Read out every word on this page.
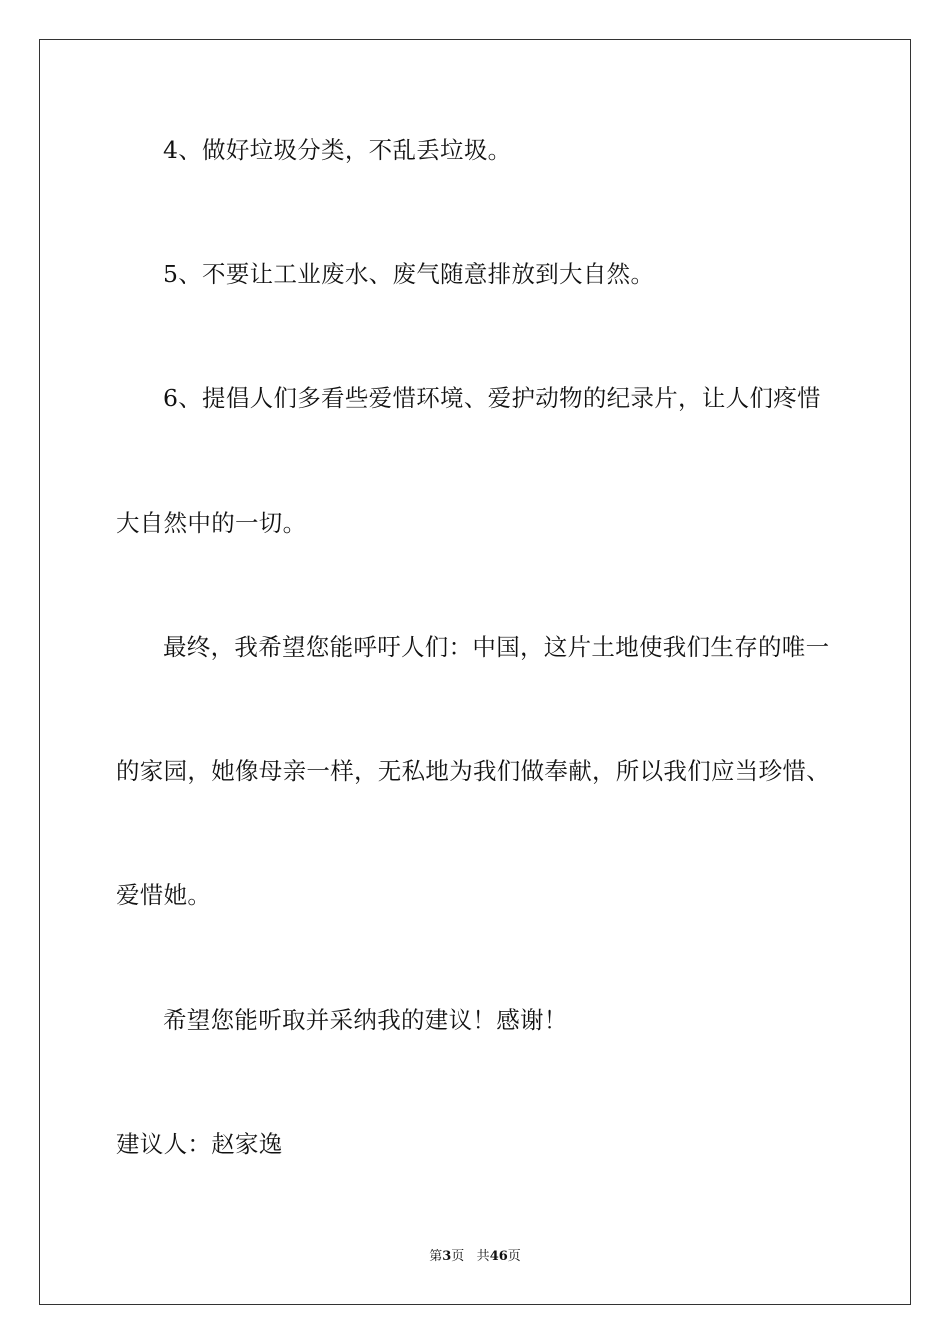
4、做好垃圾分类，不乱丢垃圾。
5、不要让工业废水、废气随意排放到大自然。
6、提倡人们多看些爱惜环境、爱护动物的纪录片，让人们疼惜
大自然中的一切。
最终，我希望您能呼吁人们：中国，这片土地使我们生存的唯一
的家园，她像母亲一样，无私地为我们做奉献，所以我们应当珍惜、
爱惜她。
希望您能听取并采纳我的建议！感谢！
建议人：赵家逸
第3页 共46页
